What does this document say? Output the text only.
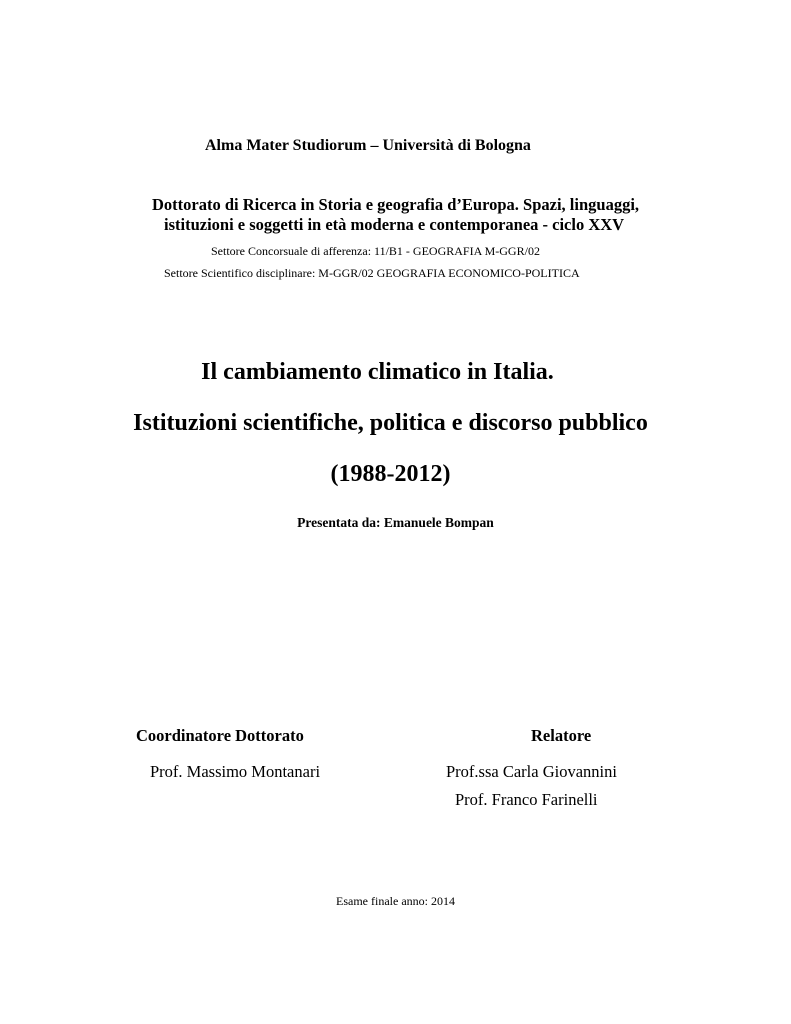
Alma Mater Studiorum – Università di Bologna
Dottorato di Ricerca in Storia e geografia d’Europa. Spazi, linguaggi,
istituzioni e soggetti in età moderna e contemporanea - ciclo XXV
Settore Concorsuale di afferenza: 11/B1 - GEOGRAFIA M-GGR/02
Settore Scientifico disciplinare: M-GGR/02 GEOGRAFIA ECONOMICO-POLITICA
Il cambiamento climatico in Italia.
Istituzioni scientifiche, politica e discorso pubblico
(1988-2012)
Presentata da: Emanuele Bompan
Coordinatore Dottorato	Relatore
Prof. Massimo Montanari	Prof.ssa Carla Giovannini
Prof. Franco Farinelli
Esame finale anno: 2014
